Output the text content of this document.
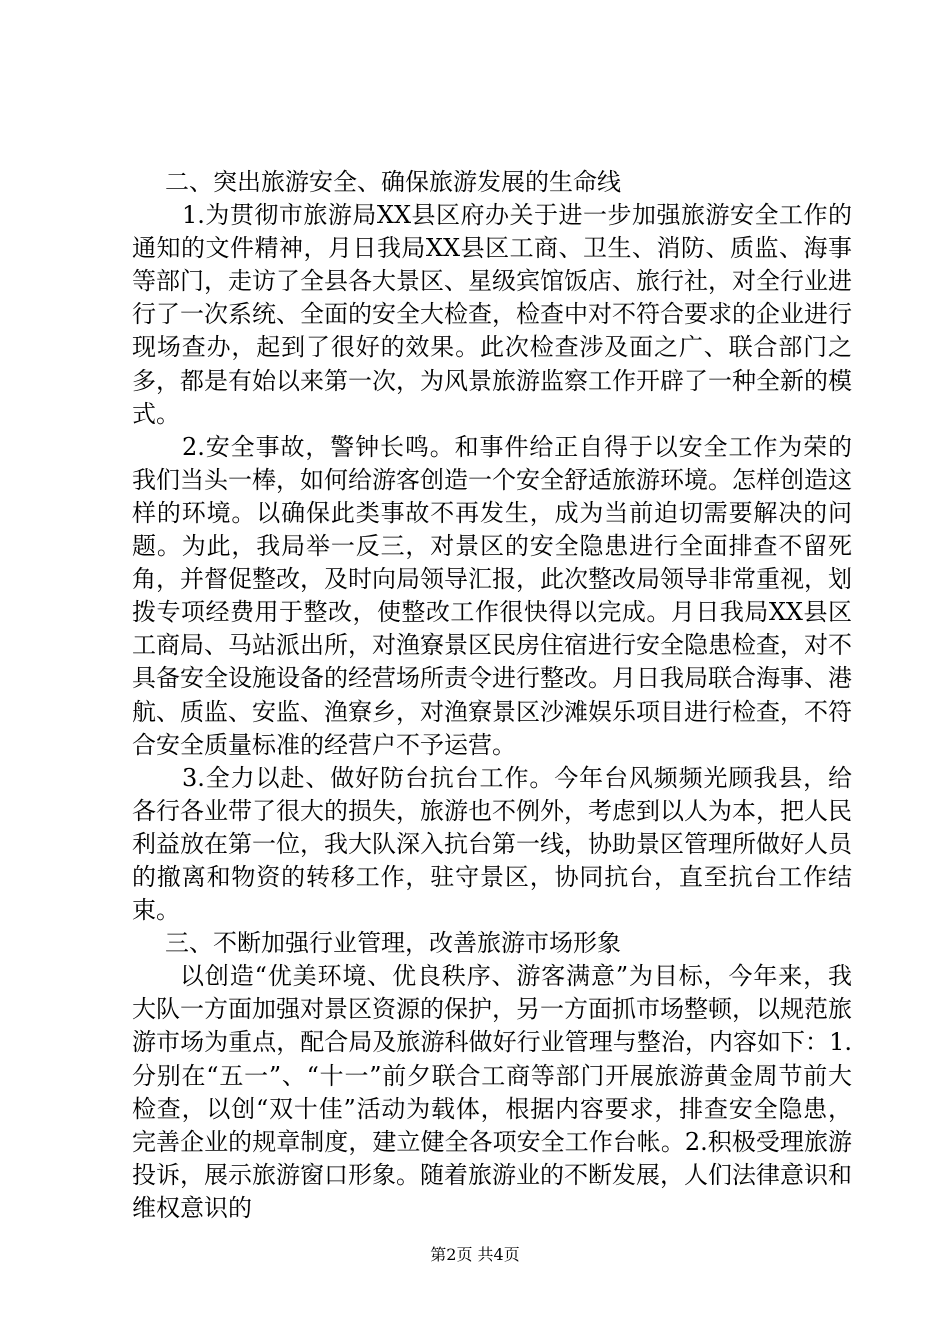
二、突出旅游安全、确保旅游发展的生命线

1.为贯彻市旅游局XX县区府办关于进一步加强旅游安全工作的通知的文件精神，月日我局XX县区工商、卫生、消防、质监、海事等部门，走访了全县各大景区、星级宾馆饭店、旅行社，对全行业进行了一次系统、全面的安全大检查，检查中对不符合要求的企业进行现场查办，起到了很好的效果。此次检查涉及面之广、联合部门之多，都是有始以来第一次，为风景旅游监察工作开辟了一种全新的模式。

2.安全事故，警钟长鸣。和事件给正自得于以安全工作为荣的我们当头一棒，如何给游客创造一个安全舒适旅游环境。怎样创造这样的环境。以确保此类事故不再发生，成为当前迫切需要解决的问题。为此，我局举一反三，对景区的安全隐患进行全面排查不留死角，并督促整改，及时向局领导汇报，此次整改局领导非常重视，划拨专项经费用于整改，使整改工作很快得以完成。月日我局XX县区工商局、马站派出所，对渔寮景区民房住宿进行安全隐患检查，对不具备安全设施设备的经营场所责令进行整改。月日我局联合海事、港航、质监、安监、渔寮乡，对渔寮景区沙滩娱乐项目进行检查，不符合安全质量标准的经营户不予运营。

3.全力以赴、做好防台抗台工作。今年台风频频光顾我县，给各行各业带了很大的损失，旅游也不例外，考虑到以人为本，把人民利益放在第一位，我大队深入抗台第一线，协助景区管理所做好人员的撤离和物资的转移工作，驻守景区，协同抗台，直至抗台工作结束。

三、不断加强行业管理，改善旅游市场形象

以创造“优美环境、优良秩序、游客满意”为目标，今年来，我大队一方面加强对景区资源的保护，另一方面抓市场整顿，以规范旅游市场为重点，配合局及旅游科做好行业管理与整治，内容如下：1.分别在“五一”、“十一”前夕联合工商等部门开展旅游黄金周节前大检查，以创“双十佳”活动为载体，根据内容要求，排查安全隐患，完善企业的规章制度，建立健全各项安全工作台帐。2.积极受理旅游投诉，展示旅游窗口形象。随着旅游业的不断发展，人们法律意识和维权意识的

第2页 共4页
